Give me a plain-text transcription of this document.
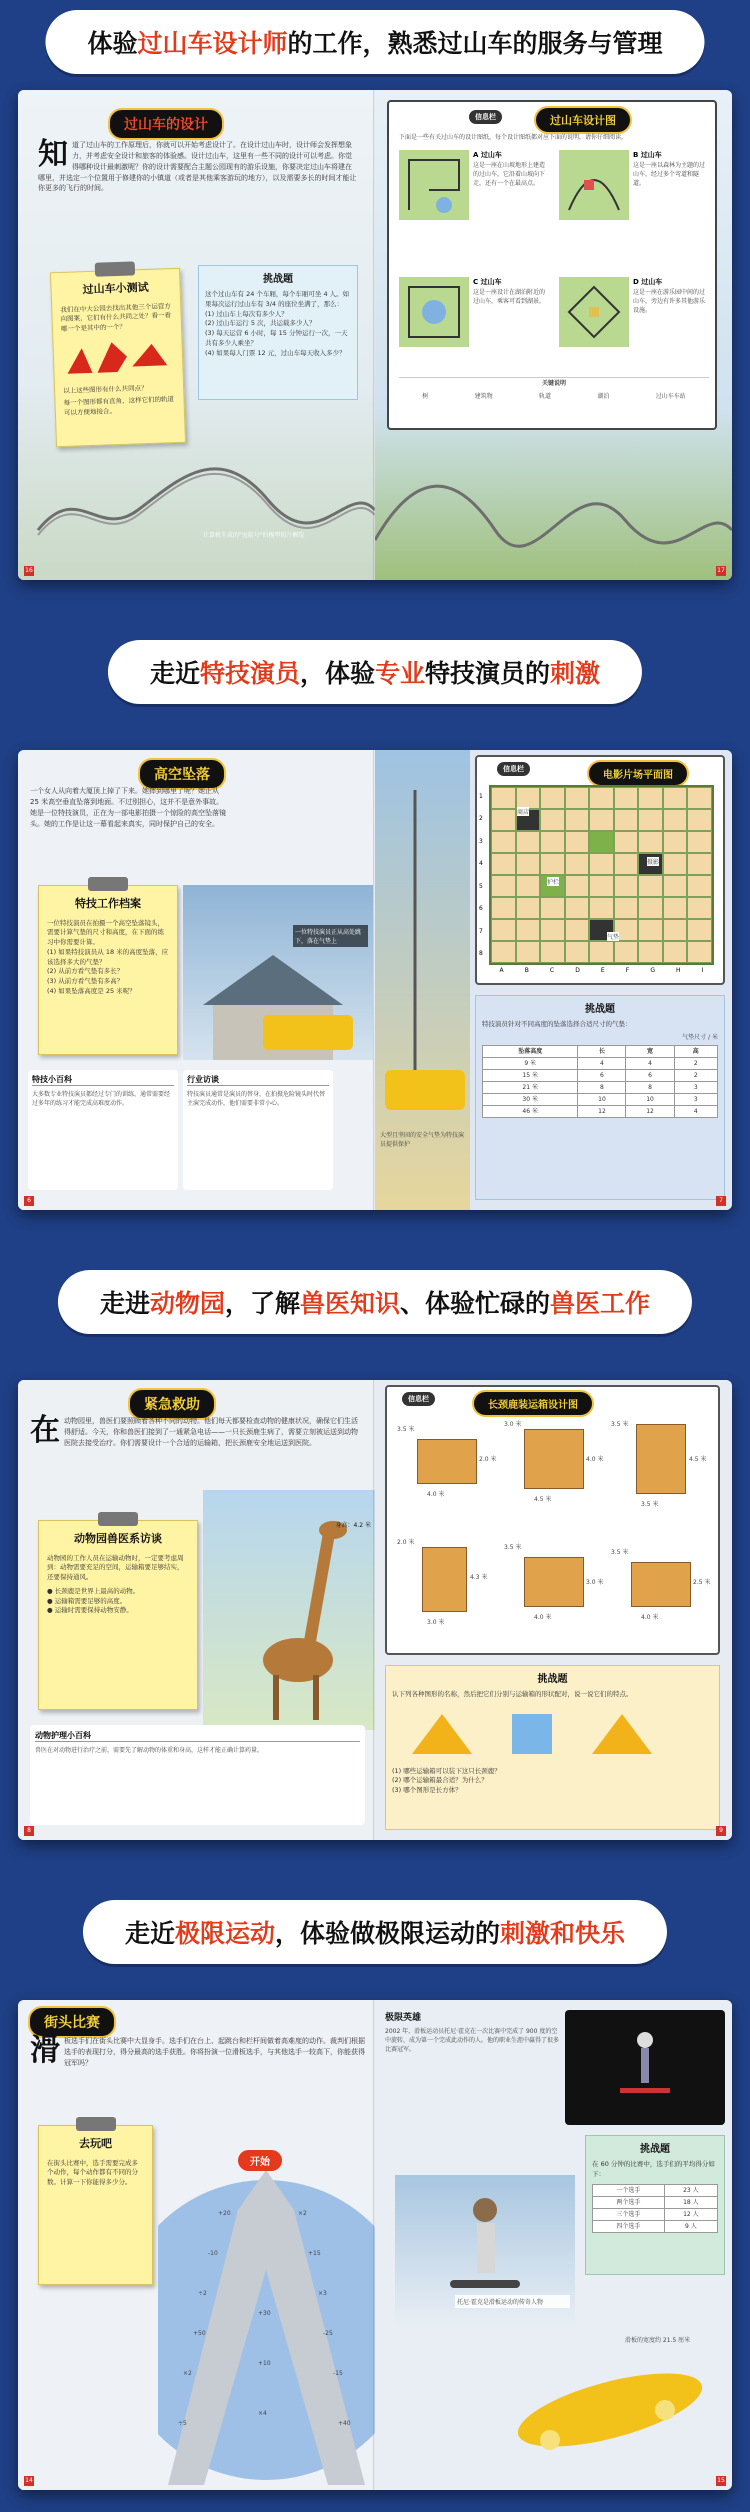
体验 过山车设计师 的工作，熟悉过山车的服务与管理
过山车的设计
知道了过山车的工作原理后，你就可以开始考虑设计了。在设计过山车时，设计师会发挥想象力，并考虑安全设计和旅客的体验感。设计过山车，这里有一些不同的设计可以考虑。你觉得哪种设计最刺激呢？你的设计需要配合主题公园现有的游乐设施，你要决定过山车将建在哪里，并选定一个位置用于修建你的小镇道（或者是其他乘客游玩的地方），以及需要多长的时间才能让你更多的飞行的时间。
过山车小测试
我们在中大公园去找出其他三个运营方向图案，它们有什么共同之处？看一看哪一个是其中的一个？
以上这些图形有什么共同点？
每一个图形都有直角，这样它们的轨道可以方便地接合。
挑战题
这个过山车有 24 个车厢，每个车厢可坐 4 人。如果每次运行过山车有 3/4 的座位坐满了，那么：
(1) 过山车上每次有多少人？
(2) 过山车运行 5 次，共运载多少人？
(3) 每天运营 6 小时，每 15 分钟运行一次，一天共有多少人乘坐？
(4) 如果每人门票 12 元，过山车每天收入多少？
计算机生成的"远航号"的模型照片概览
16
信息栏	过山车设计图
下面是一些有关过山车的设计图纸，每个设计图纸都对应下面的说明，请你仔细阅读。
A 过山车
这是一座在山坡地形上建造的过山车，它沿着山坡向下走，还有一个在最高点。
B 过山车
这是一座以森林为主题的过山车，经过多个弯道和隧道。
C 过山车
这是一座设计在湖泊附近的过山车，乘客可看到湖景。
D 过山车
这是一座在游乐园中间的过山车，旁边有许多其他游乐设施。
关键说明
树	建筑物	轨道	湖泊	过山车车站
17
走近 特技演员 ，体验 专业 特技演员的 刺激
高空坠落
一个女人从向着大厦顶上掉了下来。她摔到哪里了呢？她正从 25 米高空垂直坠落到地面。不过别担心，这并不是意外事故。她是一位特技演员，正在为一部电影拍摄一个惊险的高空坠落镜头。她的工作是让这一幕看起来真实，同时保护自己的安全。
特技工作档案
一位特技演员在拍摄一个高空坠落镜头，需要计算气垫的尺寸和高度，在下面的练习中你需要计算。
(1) 如果特技演员从 18 米的高度坠落，应该选择多大的气垫？
(2) 从前方看气垫有多长？
(3) 从前方看气垫有多高？
(4) 如果坠落高度是 25 米呢？
特技小百科
大多数专业特技演员都经过专门的训练，通常需要经过多年的练习才能完成高难度动作。
行业访谈
特技演员通常是演员的替身，在拍摄危险镜头时代替主演完成动作，他们需要非常小心。
一位特技演员正从高处跳下，落在气垫上
6
大型且坚固的安全气垫为特技演员提供保护
信息栏
电影片场平面图
A	B	C	D	E	F	G	H	I
1
2
3
4
5
6
7
8
商店
摄影
护栏
气垫
挑战题
特技演员针对不同高度的坠落选择合适尺寸的气垫：
气垫尺寸 / 米
坠落高度	长	宽	高
9 米	4	4	2
15 米	6	6	2
21 米	8	8	3
30 米	10	10	3
46 米	12	12	4
7
走进 动物园 ，了解 兽医知识 、体验忙碌的 兽医工作
紧急救助
在动物园里，兽医们要照顾着各种不同的动物。他们每天都要检查动物的健康状况，确保它们生活得舒适。今天，你和兽医们接到了一通紧急电话——一只长颈鹿生病了，需要立刻被运送到动物医院去接受治疗。你们需要设计一个合适的运输箱，把长颈鹿安全地运送到医院。
动物园兽医系访谈
动物园的工作人员在运输动物时，一定要考虑周到：动物需要充足的空间，运输箱要足够结实，还要保持通风。
● 长颈鹿是世界上最高的动物。
● 运输箱需要足够的高度。
● 运输时需要保持动物安静。
身高：4.2 米
动物护理小百科
兽医在对动物进行治疗之前，需要先了解动物的体重和身高，这样才能正确计算药量。
8
信息栏
长颈鹿装运箱设计图
4.0 米
3.5 米
2.0 米
4.5 米
3.0 米
4.0 米
3.5 米
3.5 米
4.5 米
3.0 米
2.0 米
4.3 米
4.0 米
3.5 米
3.0 米
4.0 米
3.5 米
2.5 米
挑战题
认下列各种图形的名称，然后把它们分别与运输箱的形状配对，说一说它们的特点。
(1) 哪些运输箱可以装下这只长颈鹿？
(2) 哪个运输箱最合适？为什么？
(3) 哪个图形是长方体？
9
走近 极限运动 ，体验做极限运动的 刺激和快乐
街头比赛
滑板选手们在街头比赛中大显身手。选手们在台上、起跳台和栏杆间做着高难度的动作。裁判们根据选手的表现打分，得分最高的选手获胜。你将扮演一位滑板选手，与其他选手一较高下，你能获得冠军吗？
去玩吧
在街头比赛中，选手需要完成多个动作，每个动作都有不同的分数。计算一下你能得多少分。
开始
+20	×2
-10	+15
÷2	×3
+50	-25
+30
×2	-15
+10
÷5	+40
×4
14
极限英雄
2002 年，滑板运动员托尼·霍克在一次比赛中完成了 900 度的空中旋转，成为第一个完成此动作的人。他的职业生涯中赢得了很多比赛冠军。
挑战题
在 60 分钟的比赛中，选手们的平均得分如下：
一个选手	23 人
两个选手	18 人
三个选手	12 人
四个选手	9 人
托尼·霍克是滑板运动的传奇人物
滑板的宽度约 21.5 厘米
15
